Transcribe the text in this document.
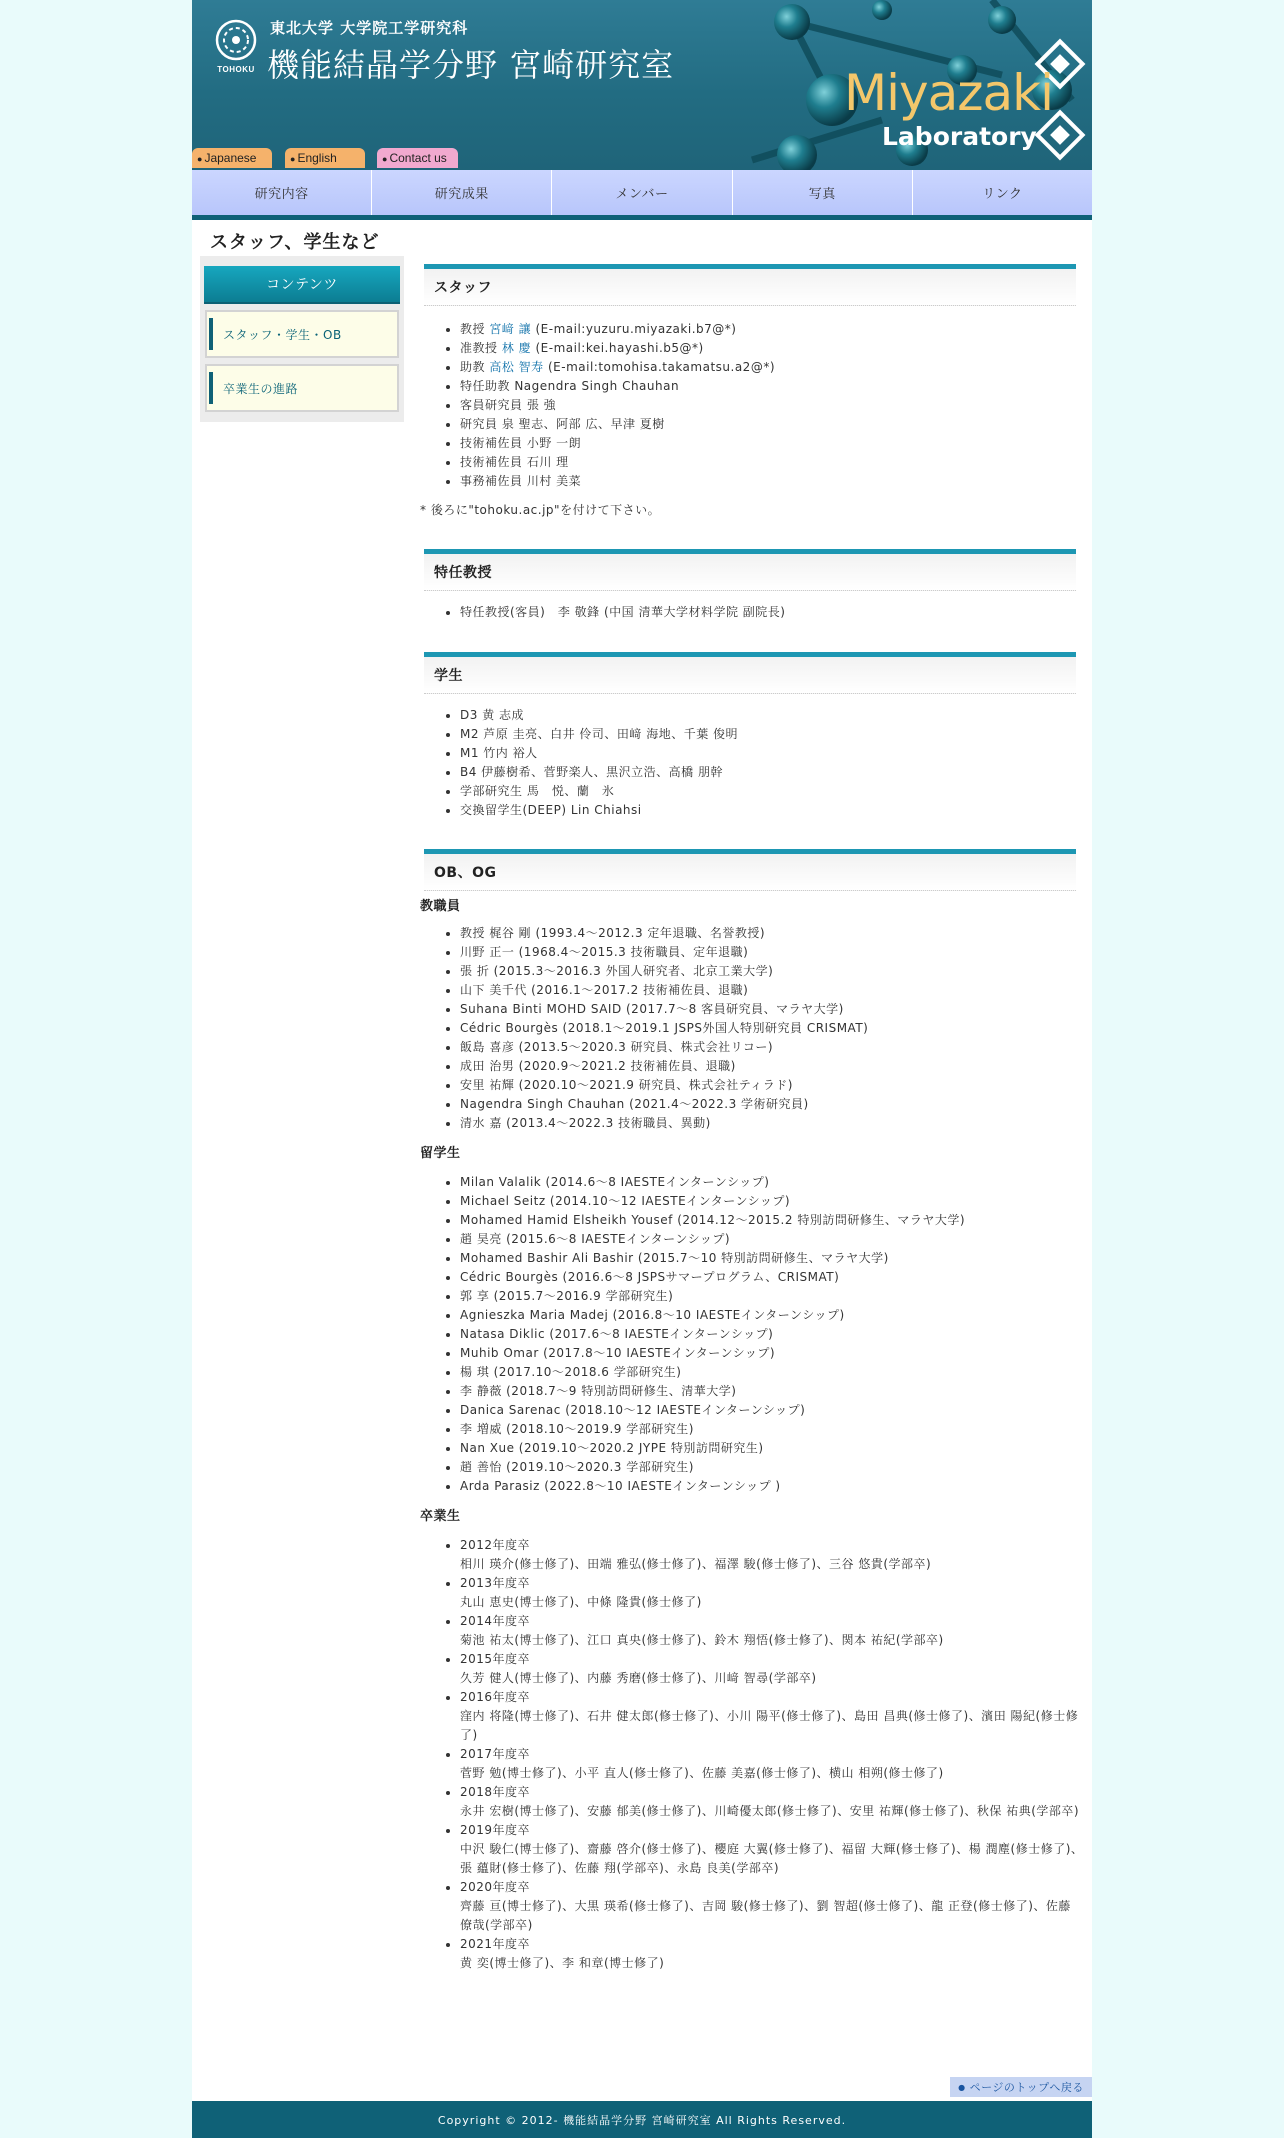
TOHOKU
東北大学 大学院工学研究科
機能結晶学分野 宮崎研究室	Miyazaki
Laboratory
● Japanese	● English	● Contact us
研究内容	研究成果	メンバー	写真	リンク
スタッフ、学生など
コンテンツ
スタッフ・学生・OB
卒業生の進路
スタッフ
• 教授 宮﨑 讓 (E-mail:yuzuru.miyazaki.b7@*)
• 准教授 林 慶 (E-mail:kei.hayashi.b5@*)
• 助教 高松 智寿 (E-mail:tomohisa.takamatsu.a2@*)
• 特任助教 Nagendra Singh Chauhan
• 客員研究員 張 強
• 研究員 泉 聖志、阿部 広、早津 夏樹
• 技術補佐員 小野 一朗
• 技術補佐員 石川 理
• 事務補佐員 川村 美菜
* 後ろに"tohoku.ac.jp"を付けて下さい。
特任教授
• 特任教授(客員)　李 敬鋒 (中国 清華大学材料学院 副院長)
学生
• D3 黄 志成
• M2 芦原 圭亮、白井 伶司、田﨑 海地、千葉 俊明
• M1 竹内 裕人
• B4 伊藤樹希、菅野楽人、黒沢立浩、高橋 朋幹
• 学部研究生 馬　悦、蘭　氷
• 交換留学生(DEEP) Lin Chiahsi
OB、OG
教職員
• 教授 梶谷 剛 (1993.4～2012.3 定年退職、名誉教授)
• 川野 正一 (1968.4～2015.3 技術職員、定年退職)
• 張 折 (2015.3～2016.3 外国人研究者、北京工業大学)
• 山下 美千代 (2016.1～2017.2 技術補佐員、退職)
• Suhana Binti MOHD SAID (2017.7～8 客員研究員、マラヤ大学)
• Cédric Bourgès (2018.1～2019.1 JSPS外国人特別研究員 CRISMAT)
• 飯島 喜彦 (2013.5～2020.3 研究員、株式会社リコー)
• 成田 治男 (2020.9～2021.2 技術補佐員、退職)
• 安里 祐輝 (2020.10～2021.9 研究員、株式会社ティラド)
• Nagendra Singh Chauhan (2021.4～2022.3 学術研究員)
• 清水 嘉 (2013.4～2022.3 技術職員、異動)
留学生
• Milan Valalik (2014.6～8 IAESTEインターンシップ)
• Michael Seitz (2014.10～12 IAESTEインターンシップ)
• Mohamed Hamid Elsheikh Yousef (2014.12～2015.2 特別訪問研修生、マラヤ大学)
• 趙 昊亮 (2015.6～8 IAESTEインターンシップ)
• Mohamed Bashir Ali Bashir (2015.7～10 特別訪問研修生、マラヤ大学)
• Cédric Bourgès (2016.6～8 JSPSサマープログラム、CRISMAT)
• 郭 享 (2015.7～2016.9 学部研究生)
• Agnieszka Maria Madej (2016.8～10 IAESTEインターンシップ)
• Natasa Diklic (2017.6～8 IAESTEインターンシップ)
• Muhib Omar (2017.8～10 IAESTEインターンシップ)
• 楊 琪 (2017.10～2018.6 学部研究生)
• 李 静薇 (2018.7～9 特別訪問研修生、清華大学)
• Danica Sarenac (2018.10～12 IAESTEインターンシップ)
• 李 増威 (2018.10～2019.9 学部研究生)
• Nan Xue (2019.10～2020.2 JYPE 特別訪問研究生)
• 趙 善怡 (2019.10～2020.3 学部研究生)
• Arda Parasiz (2022.8～10 IAESTEインターンシップ )
卒業生
• 2012年度卒
相川 瑛介(修士修了)、田端 雅弘(修士修了)、福澤 駿(修士修了)、三谷 悠貴(学部卒)
• 2013年度卒
丸山 恵史(博士修了)、中條 隆貴(修士修了)
• 2014年度卒
菊池 祐太(博士修了)、江口 真央(修士修了)、鈴木 翔悟(修士修了)、関本 祐紀(学部卒)
• 2015年度卒
久芳 健人(博士修了)、内藤 秀磨(修士修了)、川﨑 智尋(学部卒)
• 2016年度卒
窪内 将隆(博士修了)、石井 健太郎(修士修了)、小川 陽平(修士修了)、島田 昌典(修士修了)、濱田 陽紀(修士修了)
• 2017年度卒
菅野 勉(博士修了)、小平 直人(修士修了)、佐藤 美嘉(修士修了)、横山 相朔(修士修了)
• 2018年度卒
永井 宏樹(博士修了)、安藤 郁美(修士修了)、川崎優太郎(修士修了)、安里 祐輝(修士修了)、秋保 祐典(学部卒)
• 2019年度卒
中沢 駿仁(博士修了)、齋藤 啓介(修士修了)、櫻庭 大翼(修士修了)、福留 大輝(修士修了)、楊 潤塵(修士修了)、張 蘊財(修士修了)、佐藤 翔(学部卒)、永島 良美(学部卒)
• 2020年度卒
齊藤 亘(博士修了)、大黒 瑛希(修士修了)、吉岡 駿(修士修了)、劉 智超(修士修了)、龍 正登(修士修了)、佐藤 僚哉(学部卒)
• 2021年度卒
黄 奕(博士修了)、李 和章(博士修了)
● ページのトップへ戻る
Copyright © 2012- 機能結晶学分野 宮崎研究室 All Rights Reserved.
